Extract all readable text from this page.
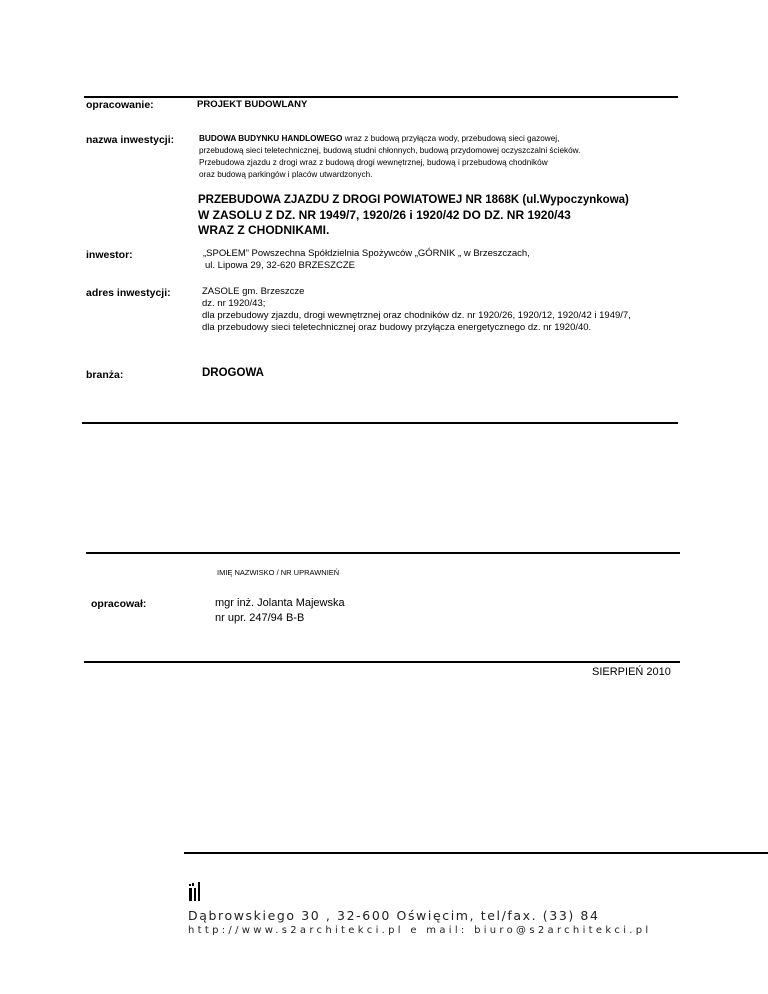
opracowanie:	PROJEKT BUDOWLANY
nazwa inwestycji:	BUDOWA BUDYNKU HANDLOWEGO wraz z budową przyłącza wody, przebudową sieci gazowej,
przebudową sieci teletechnicznej, budową studni chłonnych, budową przydomowej oczyszczalni ścieków.
Przebudowa zjazdu z drogi wraz z budową drogi wewnętrznej, budową i przebudową chodników
oraz budową parkingów i placów utwardzonych.
PRZEBUDOWA ZJAZDU Z DROGI POWIATOWEJ NR 1868K (ul.Wypoczynkowa)
W ZASOLU Z DZ. NR 1949/7, 1920/26 i 1920/42 DO DZ. NR 1920/43
WRAZ Z CHODNIKAMI.
inwestor:	„SPOŁEM” Powszechna Spółdzielnia Spożywców „GÓRNIK „ w Brzeszczach,
ul. Lipowa 29, 32-620 BRZESZCZE
adres inwestycji:	ZASOLE gm. Brzeszcze
dz. nr 1920/43;
dla przebudowy zjazdu, drogi wewnętrznej oraz chodników dz. nr 1920/26, 1920/12, 1920/42 i 1949/7,
dla przebudowy sieci teletechnicznej oraz budowy przyłącza energetycznego dz. nr 1920/40.
branża:	DROGOWA
IMIĘ NAZWISKO / NR UPRAWNIEŃ
opracował:	mgr inż. Jolanta Majewska
nr upr. 247/94 B-B
SIERPIEŃ 2010
Dąbrowskiego 30 , 32-600 Oświęcim, tel/fax. (33) 84
http://www.s2architekci.pl e mail: biuro@s2architekci.pl
